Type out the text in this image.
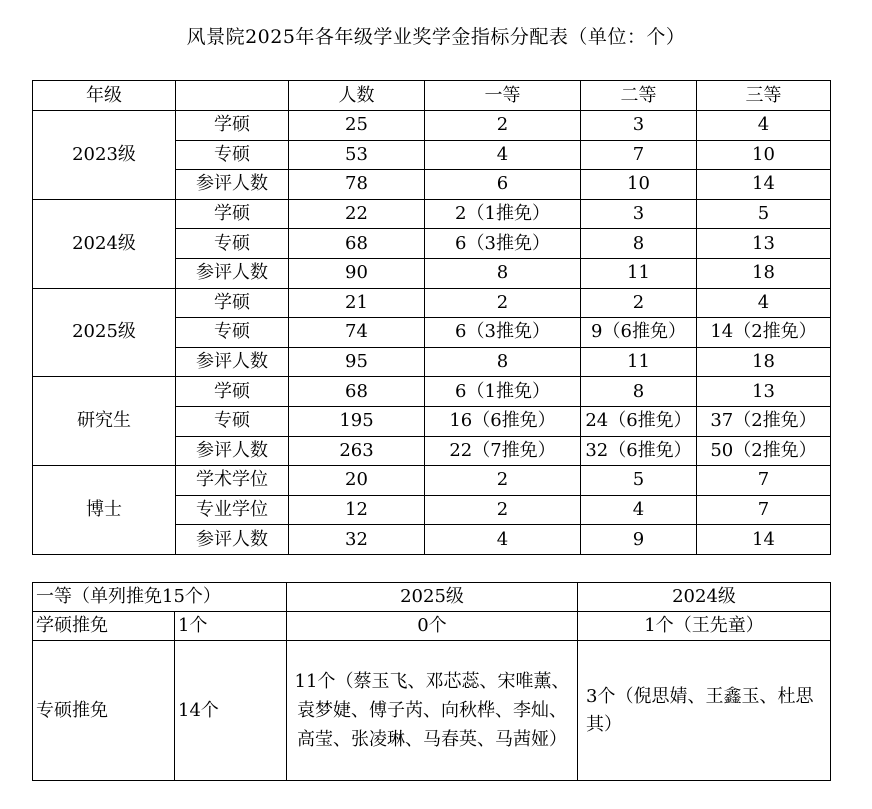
风景院2025年各年级学业奖学金指标分配表（单位：个）
年级		人数	一等	二等	三等
2023级	学硕	25	2	3	4
	专硕	53	4	7	10
	参评人数	78	6	10	14
2024级	学硕	22	2（1推免）	3	5
	专硕	68	6（3推免）	8	13
	参评人数	90	8	11	18
2025级	学硕	21	2	2	4
	专硕	74	6（3推免）	9（6推免）	14（2推免）
	参评人数	95	8	11	18
研究生	学硕	68	6（1推免）	8	13
	专硕	195	16（6推免）	24（6推免）	37（2推免）
	参评人数	263	22（7推免）	32（6推免）	50（2推免）
博士	学术学位	20	2	5	7
	专业学位	12	2	4	7
	参评人数	32	4	9	14
一等（单列推免15个）		2025级	2024级
学硕推免	1个	0个	1个（王先童）
专硕推免	14个	11个（蔡玉飞、邓芯蕊、宋唯薰、袁梦婕、傅子芮、向秋桦、李灿、高莹、张凌琳、马春英、马茜娅）	3个（倪思婧、王鑫玉、杜思其）
